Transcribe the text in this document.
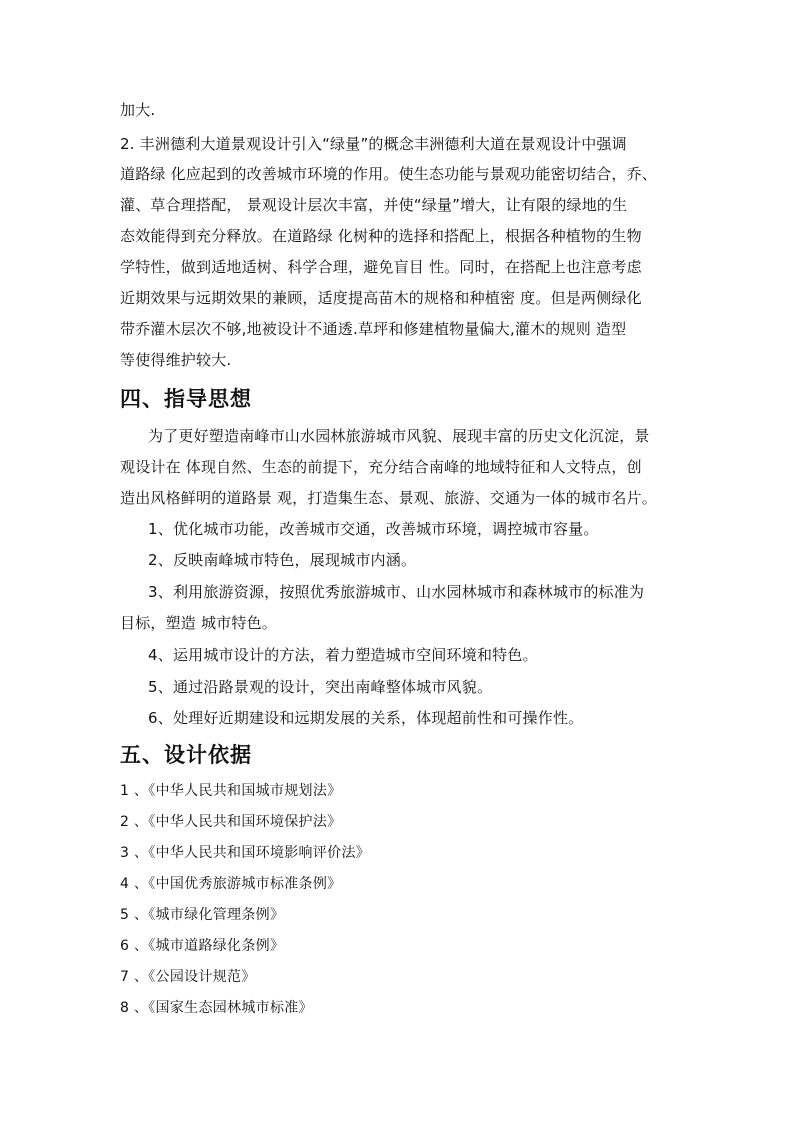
加大.
2. 丰洲德利大道景观设计引入“绿量”的概念丰洲德利大道在景观设计中强调
道路绿 化应起到的改善城市环境的作用。使生态功能与景观功能密切结合，乔、
灌、草合理搭配， 景观设计层次丰富，并使“绿量”增大，让有限的绿地的生
态效能得到充分释放。在道路绿 化树种的选择和搭配上，根据各种植物的生物
学特性，做到适地适树、科学合理，避免盲目 性。同时，在搭配上也注意考虑
近期效果与远期效果的兼顾，适度提高苗木的规格和种植密 度。但是两侧绿化
带乔灌木层次不够,地被设计不通透.草坪和修建植物量偏大,灌木的规则 造型
等使得维护较大.
四、指导思想
为了更好塑造南峰市山水园林旅游城市风貌、展现丰富的历史文化沉淀，景
观设计在 体现自然、生态的前提下，充分结合南峰的地域特征和人文特点，创
造出风格鲜明的道路景 观，打造集生态、景观、旅游、交通为一体的城市名片。
1、优化城市功能，改善城市交通，改善城市环境，调控城市容量。
2、反映南峰城市特色，展现城市内涵。
3、利用旅游资源，按照优秀旅游城市、山水园林城市和森林城市的标准为
目标，塑造 城市特色。
4、运用城市设计的方法，着力塑造城市空间环境和特色。
5、通过沿路景观的设计，突出南峰整体城市风貌。
6、处理好近期建设和远期发展的关系，体现超前性和可操作性。
五、设计依据
1 、《中华人民共和国城市规划法》
2 、《中华人民共和国环境保护法》
3 、《中华人民共和国环境影响评价法》
4 、《中国优秀旅游城市标准条例》
5 、《城市绿化管理条例》
6 、《城市道路绿化条例》
7 、《公园设计规范》
8 、《国家生态园林城市标准》
